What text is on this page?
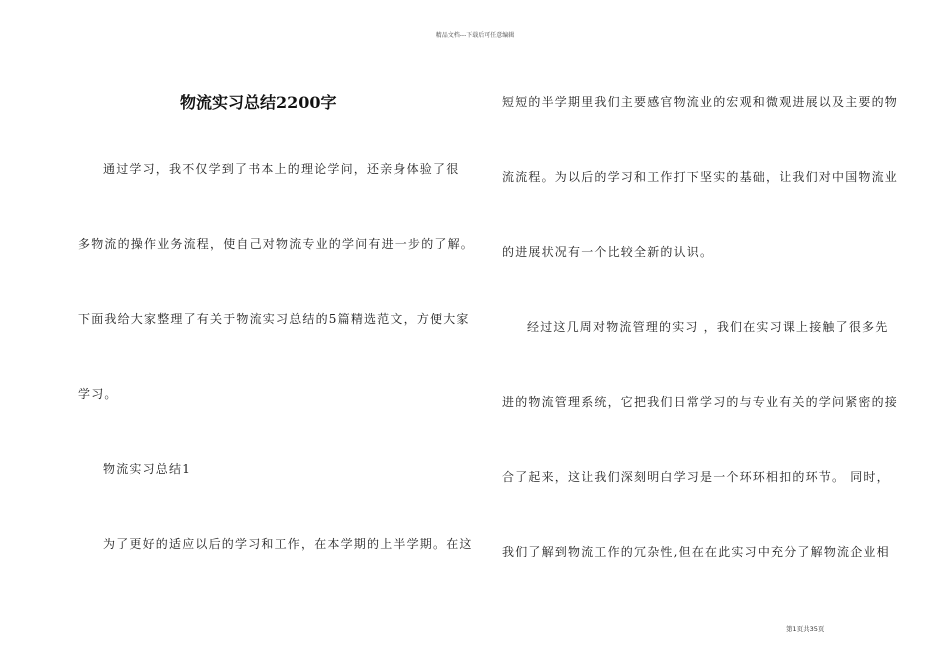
精品文档---下载后可任意编辑
物流实习总结2200字
通过学习，我不仅学到了书本上的理论学问，还亲身体验了很
多物流的操作业务流程，使自己对物流专业的学问有进一步的了解。
下面我给大家整理了有关于物流实习总结的5篇精选范文，方便大家
学习。
物流实习总结1
为了更好的适应以后的学习和工作，在本学期的上半学期。在这
短短的半学期里我们主要感官物流业的宏观和微观进展以及主要的物
流流程。为以后的学习和工作打下坚实的基础，让我们对中国物流业
的进展状况有一个比较全新的认识。
经过这几周对物流管理的实习 ，我们在实习课上接触了很多先
进的物流管理系统，它把我们日常学习的与专业有关的学问紧密的接
合了起来，这让我们深刻明白学习是一个环环相扣的环节。 同时，
我们了解到物流工作的冗杂性,但在在此实习中充分了解物流企业相
第1页共35页
